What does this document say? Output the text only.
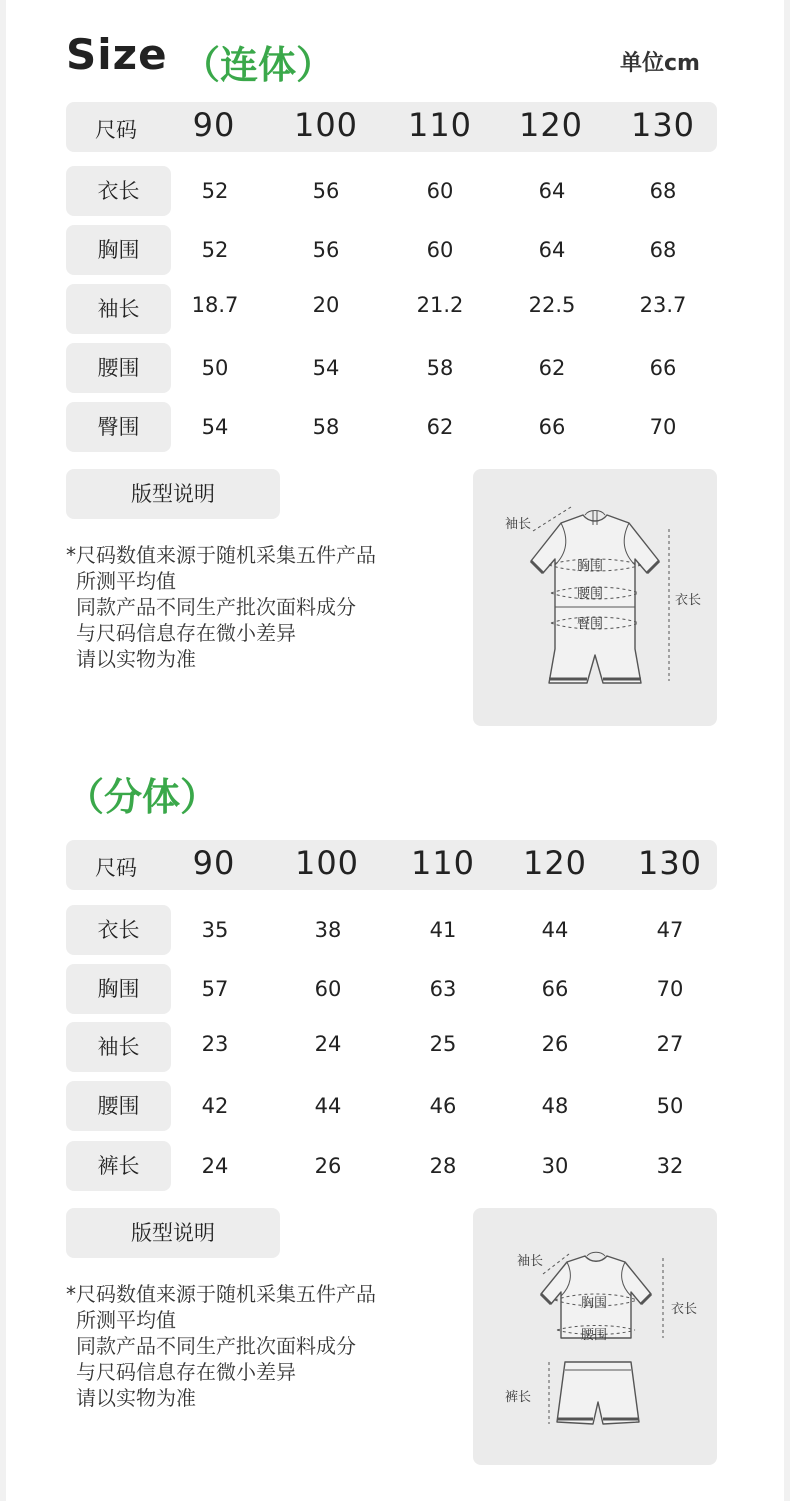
Size （连体）	单位cm
尺码 90 100 110 120 130
衣长	52	56	60	64	68
胸围	52	56	60	64	68
袖长	18.7	20	21.2	22.5	23.7
腰围	50	54	58	62	66
臀围	54	58	62	66	70
版型说明
*尺码数值来源于随机采集五件产品
所测平均值
同款产品不同生产批次面料成分
与尺码信息存在微小差异
请以实物为准
袖长
胸围
腰围
臀围
衣长
（分体）
尺码 90 100 110 120 130
衣长	35	38	41	44	47
胸围	57	60	63	66	70
袖长	23	24	25	26	27
腰围	42	44	46	48	50
裤长	24	26	28	30	32
版型说明
*尺码数值来源于随机采集五件产品
所测平均值
同款产品不同生产批次面料成分
与尺码信息存在微小差异
请以实物为准
袖长
胸围
腰围
衣长
裤长
